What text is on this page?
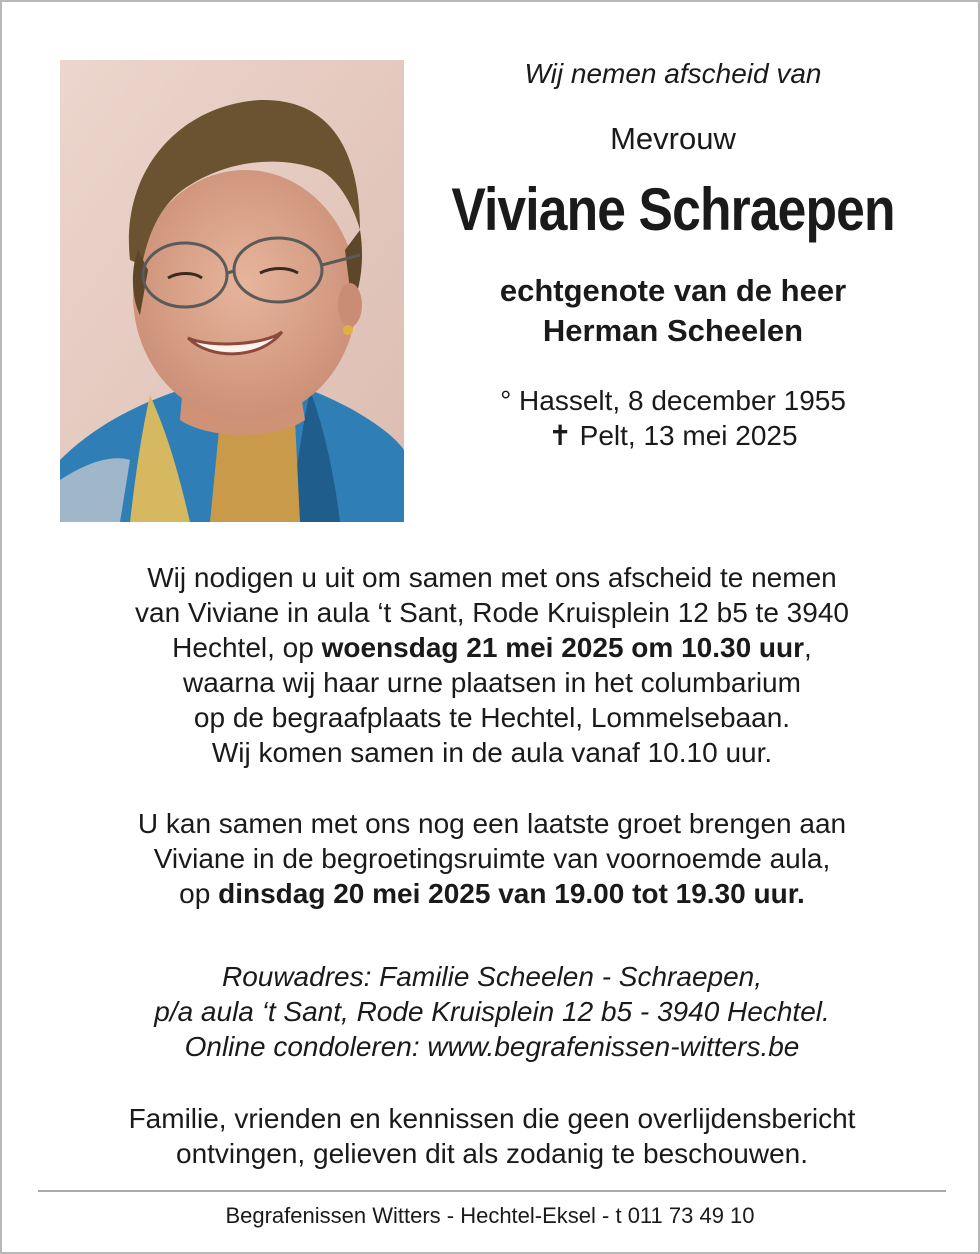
Wij nemen afscheid van
Mevrouw
Viviane Schraepen
echtgenote van de heer
Herman Scheelen
° Hasselt, 8 december 1955
✝ Pelt, 13 mei 2025
Wij nodigen u uit om samen met ons afscheid te nemen
van Viviane in aula ‘t Sant, Rode Kruisplein 12 b5 te 3940
Hechtel, op woensdag 21 mei 2025 om 10.30 uur,
waarna wij haar urne plaatsen in het columbarium
op de begraafplaats te Hechtel, Lommelsebaan.
Wij komen samen in de aula vanaf 10.10 uur.
U kan samen met ons nog een laatste groet brengen aan
Viviane in de begroetingsruimte van voornoemde aula,
op dinsdag 20 mei 2025 van 19.00 tot 19.30 uur.
Rouwadres: Familie Scheelen - Schraepen,
p/a aula ‘t Sant, Rode Kruisplein 12 b5 - 3940 Hechtel.
Online condoleren: www.begrafenissen-witters.be
Familie, vrienden en kennissen die geen overlijdensbericht
ontvingen, gelieven dit als zodanig te beschouwen.
Begrafenissen Witters - Hechtel-Eksel - t 011 73 49 10
